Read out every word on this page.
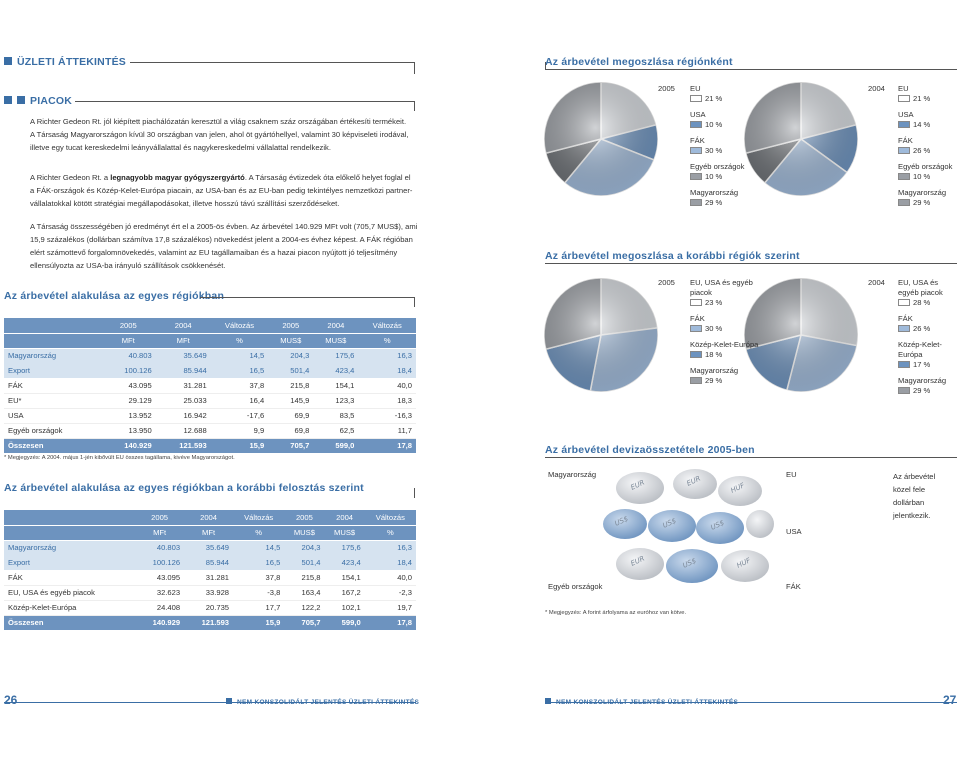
ÜZLETI ÁTTEKINTÉS
PIACOK
A Richter Gedeon Rt. jól kiépített piachálózatán keresztül a világ csaknem száz országában értékesíti termékeit.
A Társaság Magyarországon kívül 30 országban van jelen, ahol öt gyártóhellyel, valamint 30 képviseleti irodával,
illetve egy tucat kereskedelmi leányvállalattal és nagykereskedelmi vállalattal rendelkezik.
A Richter Gedeon Rt. a legnagyobb magyar gyógyszergyártó. A Társaság évtizedek óta előkelő helyet foglal el
a FÁK-országok és Közép-Kelet-Európa piacain, az USA-ban és az EU-ban pedig tekintélyes nemzetközi partner-
vállalatokkal kötött stratégiai megállapodásokat, illetve hosszú távú szállítási szerződéseket.
A Társaság összességében jó eredményt ért el a 2005-ös évben. Az árbevétel 140.929 MFt volt (705,7 MUS$), ami
15,9 százalékos (dollárban számítva 17,8 százalékos) növekedést jelent a 2004-es évhez képest. A FÁK régióban
elért számottevő forgalomnövekedés, valamint az EU tagállamaiban és a hazai piacon nyújtott jó teljesítmény
ellensúlyozta az USA-ba irányuló szállítások csökkenését.
Az árbevétel alakulása az egyes régiókban
	2005	2004	Változás	2005	2004	Változás
	MFt	MFt	%	MUS$	MUS$	%
Magyarország	40.803	35.649	14,5	204,3	175,6	16,3
Export	100.126	85.944	16,5	501,4	423,4	18,4
FÁK	43.095	31.281	37,8	215,8	154,1	40,0
EU*	29.129	25.033	16,4	145,9	123,3	18,3
USA	13.952	16.942	-17,6	69,9	83,5	-16,3
Egyéb országok	13.950	12.688	9,9	69,8	62,5	11,7
Összesen	140.929	121.593	15,9	705,7	599,0	17,8
* Megjegyzés: A 2004. május 1-jén kibővült EU összes tagállama, kivéve Magyarországot.
Az árbevétel alakulása az egyes régiókban a korábbi felosztás szerint
	2005	2004	Változás	2005	2004	Változás
	MFt	MFt	%	MUS$	MUS$	%
Magyarország	40.803	35.649	14,5	204,3	175,6	16,3
Export	100.126	85.944	16,5	501,4	423,4	18,4
FÁK	43.095	31.281	37,8	215,8	154,1	40,0
EU, USA és egyéb piacok	32.623	33.928	-3,8	163,4	167,2	-2,3
Közép-Kelet-Európa	24.408	20.735	17,7	122,2	102,1	19,7
Összesen	140.929	121.593	15,9	705,7	599,0	17,8
26	NEM KONSZOLIDÁLT JELENTÉS ÜZLETI ÁTTEKINTÉS
Az árbevétel megoszlása régiónként
2005 EU
21 %
USA
10 %
FÁK
30 %
Egyéb országok
10 %
Magyarország
29 %
2004 EU
21 %
USA
14 %
FÁK
26 %
Egyéb országok
10 %
Magyarország
29 %
Az árbevétel megoszlása a korábbi régiók szerint
2005 EU, USA és egyéb piacok
23 %
FÁK
30 %
Közép-Kelet-Európa
18 %
Magyarország
29 %
2004 EU, USA és egyéb piacok
28 %
FÁK
26 %
Közép-Kelet-Európa
17 %
Magyarország
29 %
Az árbevétel devizaösszetétele 2005-ben
EUR	EUR
HUF
US$	US$	US$
EUR	US$	HUF
Magyarország	EU
USA
Egyéb országok	FÁK
Az árbevétel közel fele dollárban jelentkezik.
* Megjegyzés: A forint árfolyama az euróhoz van kötve.
NEM KONSZOLIDÁLT JELENTÉS ÜZLETI ÁTTEKINTÉS	27
